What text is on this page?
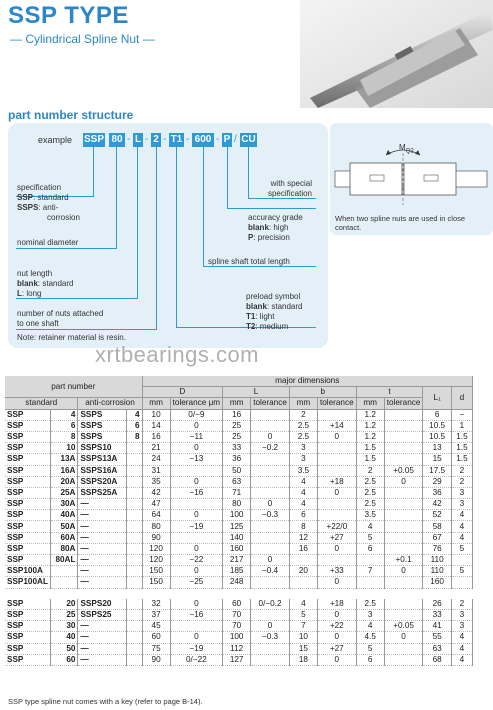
SSP TYPE
— Cylindrical Spline Nut —
part number structure
example SSP 80 - L - 2 - T1 - 600 - P / CU
specification
SSP: standard
SSPS: anti-
corrosion
nominal diameter
nut length
blank: standard
L: long
number of nuts attached
to one shaft
Note: retainer material is resin.
with special
specification
accuracy grade
blank: high
P: precision
spline shaft total length
preload symbol
blank: standard
T1: light
T2: medium
$M_{Q2}$
When two spline nuts are used in close contact.
xrtbearings.com
part number				major dimensions									
				D		L		b		t		L₁	d
standard		anti-corrosion		mm	tolerance μm	mm	tolerance	mm	tolerance	mm	tolerance		
SSP	4	SSPS	4	10	0/−9	16		2		1.2		6	−
SSP	6	SSPS	6	14	0	25		2.5	+14	1.2		10.5	1
SSP	8	SSPS	8	16	−11	25	0	2.5	0	1.2		10.5	1.5
SSP	10	SSPS10		21	0	33	−0.2	3		1.5		13	1.5
SSP	13A	SSPS13A		24	−13	36		3		1.5		15	1.5
SSP	16A	SSPS16A		31		50		3.5		2	+0.05	17.5	2
SSP	20A	SSPS20A		35	0	63		4	+18	2.5	0	29	2
SSP	25A	SSPS25A		42	−16	71		4	0	2.5		36	3
SSP	30A	—		47		80	0	4		2.5		42	3
SSP	40A	—		64	0	100	−0.3	6		3.5		52	4
SSP	50A	—		80	−19	125		8	+22/0	4		58	4
SSP	60A	—		90		140		12	+27	5		67	4
SSP	80A	—		120	0	160		16	0	6		76	5
SSP	80AL	—		120	−22	217	0				+0.1	110	
SSP100A		—		150	0	185	−0.4	20	+33	7	0	110	5
SSP100AL		—		150	−25	248			0			160	

SSP	20	SSPS20		32	0	60	0/−0.2	4	+18	2.5		26	2
SSP	25	SSPS25		37	−16	70		5	0	3		33	3
SSP	30	—		45		70	0	7	+22	4	+0.05	41	3
SSP	40	—		60	0	100	−0.3	10	0	4.5	0	55	4
SSP	50	—		75	−19	112		15	+27	5		63	4
SSP	60	—		90	0/−22	127		18	0	6		68	4
SSP type spline nut comes with a key (refer to page B-14).
